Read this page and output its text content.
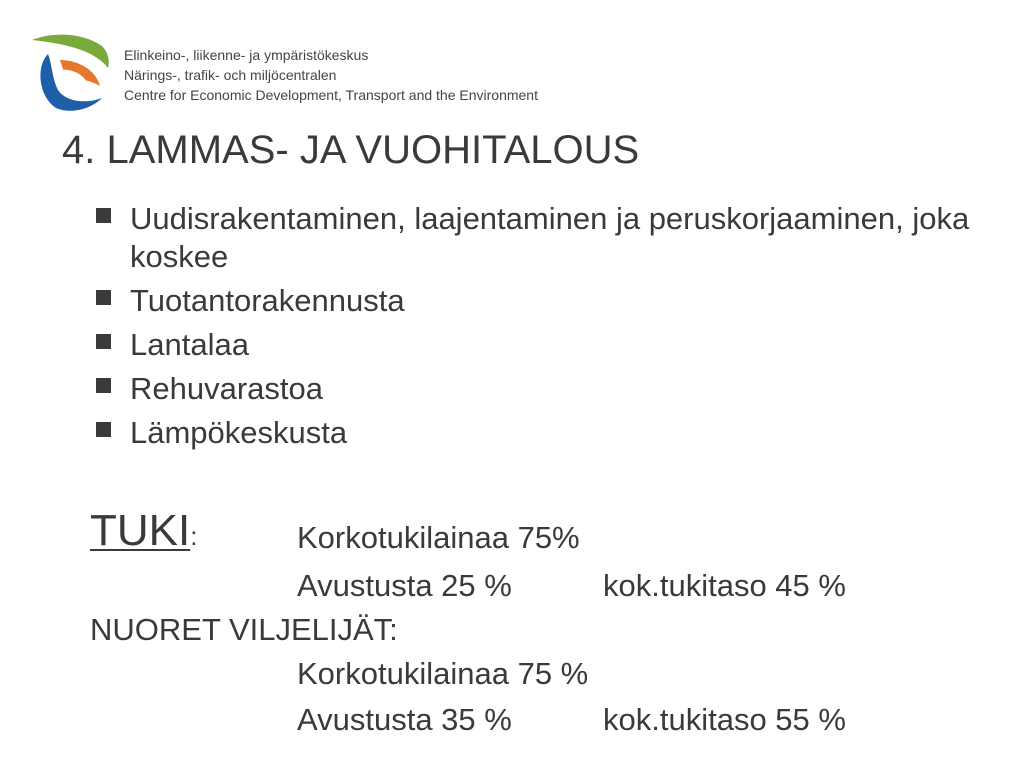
Elinkeino-, liikenne- ja ympäristökeskus
Närings-, trafik- och miljöcentralen
Centre for Economic Development, Transport and the Environment
4. LAMMAS- JA VUOHITALOUS
Uudisrakentaminen, laajentaminen ja peruskorjaaminen, joka koskee
Tuotantorakennusta
Lantalaa
Rehuvarastoa
Lämpökeskusta
TUKI:	Korkotukilainaa 75%
Avustusta 25 %	kok.tukitaso 45 %
NUORET VILJELIJÄT:
Korkotukilainaa 75 %
Avustusta 35 %	kok.tukitaso 55 %
